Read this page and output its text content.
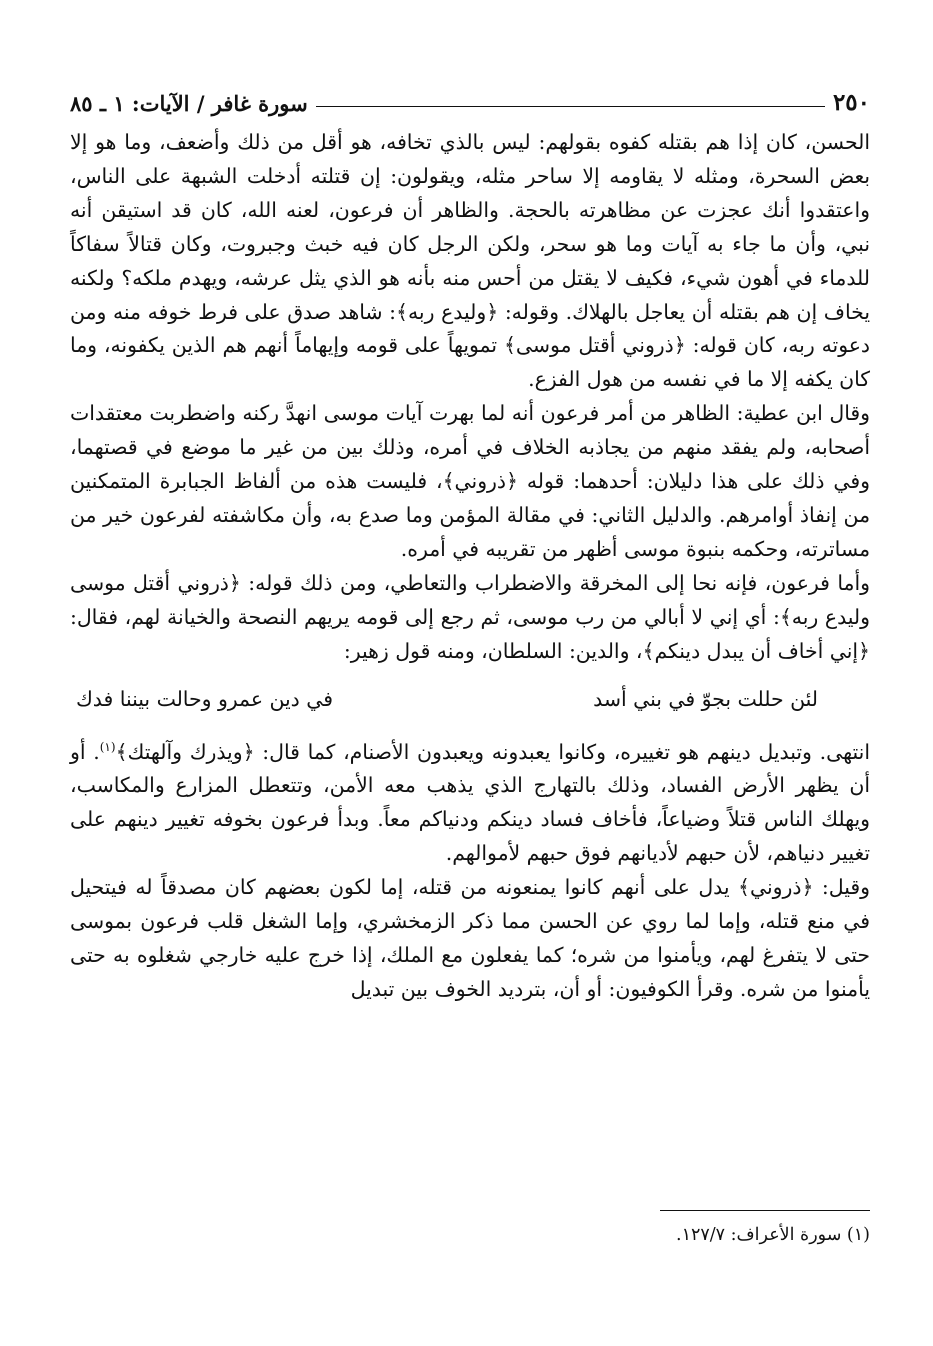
٢٥٠
سورة غافر / الآيات: ١ ـ ٨٥

الحسن، كان إذا هم بقتله كفوه بقولهم: ليس بالذي تخافه، هو أقل من ذلك وأضعف، وما هو إلا بعض السحرة، ومثله لا يقاومه إلا ساحر مثله، ويقولون: إن قتلته أدخلت الشبهة على الناس، واعتقدوا أنك عجزت عن مظاهرته بالحجة. والظاهر أن فرعون، لعنه الله، كان قد استيقن أنه نبي، وأن ما جاء به آيات وما هو سحر، ولكن الرجل كان فيه خبث وجبروت، وكان قتالاً سفاكاً للدماء في أهون شيء، فكيف لا يقتل من أحس منه بأنه هو الذي يثل عرشه، ويهدم ملكه؟ ولكنه يخاف إن هم بقتله أن يعاجل بالهلاك. وقوله: ﴿وليدع ربه﴾: شاهد صدق على فرط خوفه منه ومن دعوته ربه، كان قوله: ﴿ذروني أقتل موسى﴾ تمويهاً على قومه وإيهاماً أنهم هم الذين يكفونه، وما كان يكفه إلا ما في نفسه من هول الفزع.

وقال ابن عطية: الظاهر من أمر فرعون أنه لما بهرت آيات موسى انهدَّ ركنه واضطربت معتقدات أصحابه، ولم يفقد منهم من يجاذبه الخلاف في أمره، وذلك بين من غير ما موضع في قصتهما، وفي ذلك على هذا دليلان: أحدهما: قوله ﴿ذروني﴾، فليست هذه من ألفاظ الجبابرة المتمكنين من إنفاذ أوامرهم. والدليل الثاني: في مقالة المؤمن وما صدع به، وأن مكاشفته لفرعون خير من مساترته، وحكمه بنبوة موسى أظهر من تقريبه في أمره.

وأما فرعون، فإنه نحا إلى المخرقة والاضطراب والتعاطي، ومن ذلك قوله: ﴿ذروني أقتل موسى وليدع ربه﴾: أي إني لا أبالي من رب موسى، ثم رجع إلى قومه يريهم النصحة والخيانة لهم، فقال: ﴿إني أخاف أن يبدل دينكم﴾، والدين: السلطان، ومنه قول زهير:

لئن حللت بجوّ في بني أسد
في دين عمرو وحالت بيننا فدك

انتهى. وتبديل دينهم هو تغييره، وكانوا يعبدونه ويعبدون الأصنام، كما قال: ﴿ويذرك وآلهتك﴾$^{(١)}$. أو أن يظهر الأرض الفساد، وذلك بالتهارج الذي يذهب معه الأمن، وتتعطل المزارع والمكاسب، ويهلك الناس قتلاً وضياعاً، فأخاف فساد دينكم ودنياكم معاً. وبدأ فرعون بخوفه تغيير دينهم على تغيير دنياهم، لأن حبهم لأديانهم فوق حبهم لأموالهم.

وقيل: ﴿ذروني﴾ يدل على أنهم كانوا يمنعونه من قتله، إما لكون بعضهم كان مصدقاً له فيتحيل في منع قتله، وإما لما روي عن الحسن مما ذكر الزمخشري، وإما الشغل قلب فرعون بموسى حتى لا يتفرغ لهم، ويأمنوا من شره؛ كما يفعلون مع الملك، إذا خرج عليه خارجي شغلوه به حتى يأمنوا من شره. وقرأ الكوفيون: أو أن، بترديد الخوف بين تبديل

(١) سورة الأعراف: ١٢٧/٧.
